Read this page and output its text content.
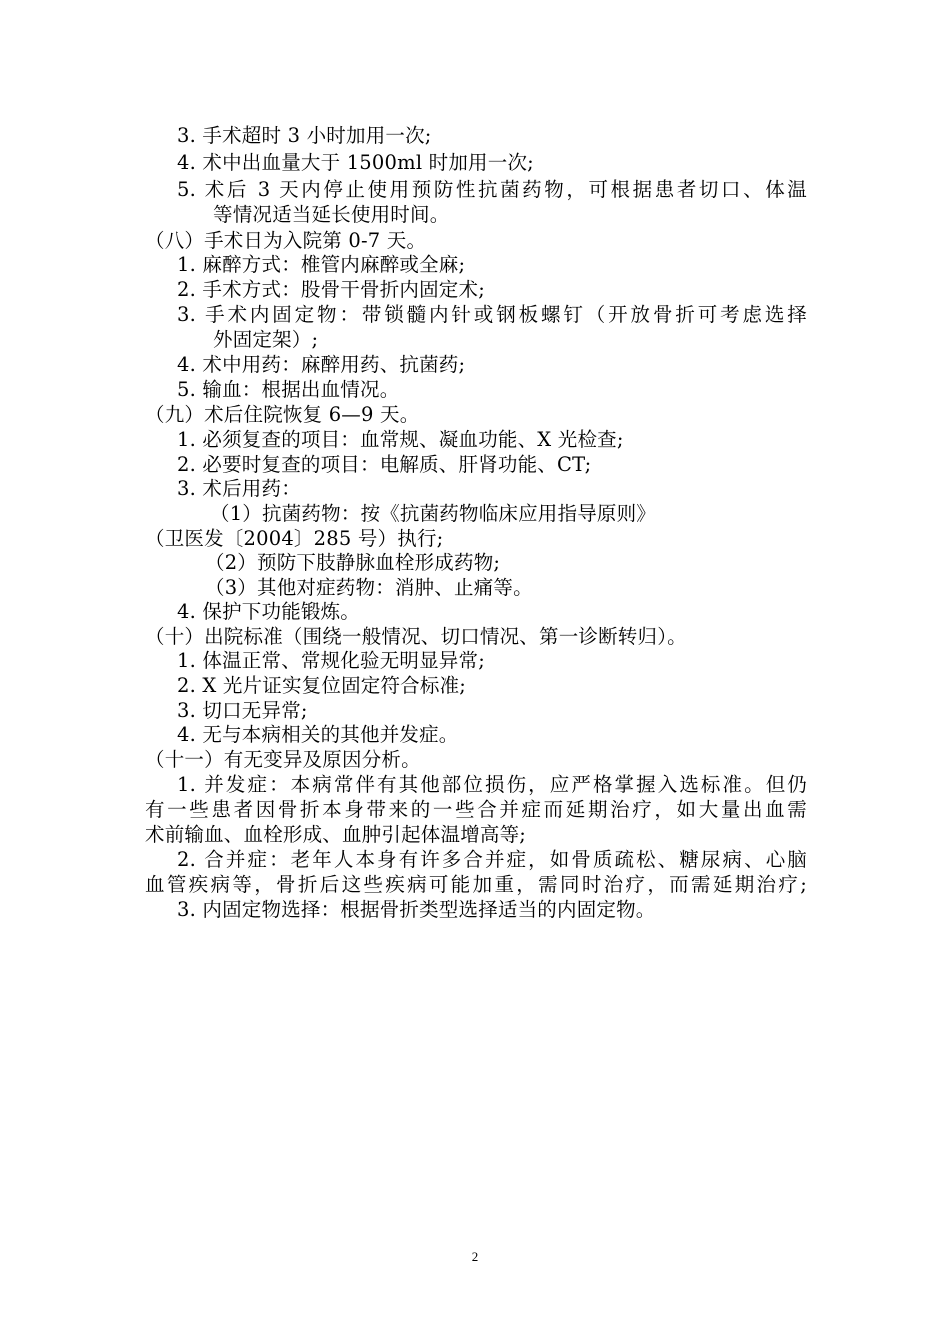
3. 手术超时 3 小时加用一次;
4. 术中出血量大于 1500ml 时加用一次;
5. 术后 3 天内停止使用预防性抗菌药物，可根据患者切口、体温
等情况适当延长使用时间。
（八）手术日为入院第 0-7 天。
1. 麻醉方式：椎管内麻醉或全麻;
2. 手术方式：股骨干骨折内固定术;
3. 手术内固定物：带锁髓内针或钢板螺钉（开放骨折可考虑选择
外固定架）;
4. 术中用药：麻醉用药、抗菌药;
5. 输血：根据出血情况。
（九）术后住院恢复 6—9 天。
1. 必须复查的项目：血常规、凝血功能、X 光检查;
2. 必要时复查的项目：电解质、肝肾功能、CT;
3. 术后用药：
（1）抗菌药物：按《抗菌药物临床应用指导原则》
（卫医发〔2004〕285 号）执行;
（2）预防下肢静脉血栓形成药物;
（3）其他对症药物：消肿、止痛等。
4. 保护下功能锻炼。
（十）出院标准（围绕一般情况、切口情况、第一诊断转归）。
1. 体温正常、常规化验无明显异常;
2. X 光片证实复位固定符合标准;
3. 切口无异常;
4. 无与本病相关的其他并发症。
（十一）有无变异及原因分析。
1. 并发症：本病常伴有其他部位损伤，应严格掌握入选标准。但仍
有一些患者因骨折本身带来的一些合并症而延期治疗，如大量出血需
术前输血、血栓形成、血肿引起体温增高等;
2. 合并症：老年人本身有许多合并症，如骨质疏松、糖尿病、心脑
血管疾病等，骨折后这些疾病可能加重，需同时治疗，而需延期治疗;
3. 内固定物选择：根据骨折类型选择适当的内固定物。
2
